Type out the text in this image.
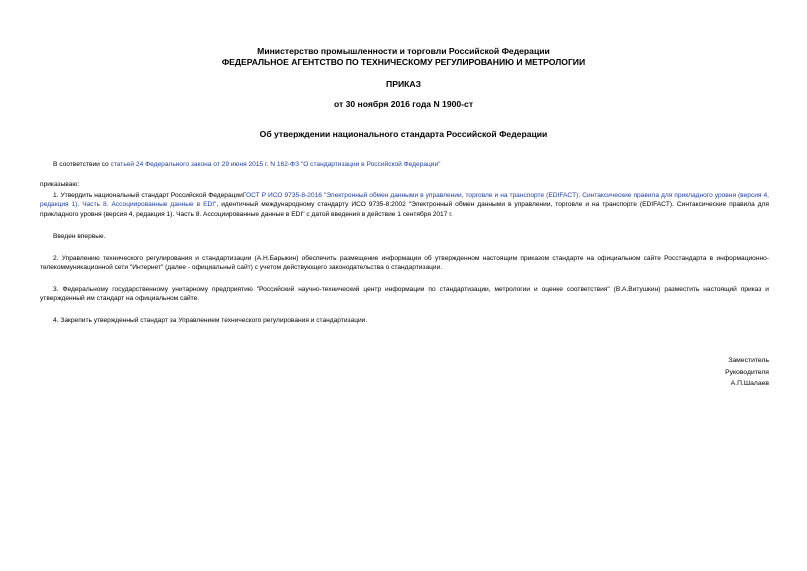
Министерство промышленности и торговли Российской Федерации
ФЕДЕРАЛЬНОЕ АГЕНТСТВО ПО ТЕХНИЧЕСКОМУ РЕГУЛИРОВАНИЮ И МЕТРОЛОГИИ
ПРИКАЗ
от 30 ноября 2016 года N 1900-ст
Об утверждении национального стандарта Российской Федерации
В соответствии со статьей 24 Федерального закона от 29 июня 2015 г. N 162-ФЗ "О стандартизации в Российской Федерации"
приказываю:
1. Утвердить национальный стандарт Российской ФедерацииГОСТ Р ИСО 9735-8-2016 "Электронный обмен данными в управлении, торговле и на транспорте (EDIFACT). Синтаксические правила для прикладного уровня (версия 4, редакция 1). Часть 8. Ассоциированные данные в EDI", идентичный международному стандарту ИСО 9735-8:2002 "Электронный обмен данными в управлении, торговле и на транспорте (EDIFACT). Синтаксические правила для прикладного уровня (версия 4, редакция 1). Часть 8. Ассоциированные данные в EDI" с датой введения в действие 1 сентября 2017 г.
Введен впервые.
2. Управлению технического регулирования и стандартизации (А.Н.Барыкин) обеспечить размещение информации об утвержденном настоящим приказом стандарте на официальном сайте Росстандарта в информационно-телекоммуникационной сети "Интернет" (далее - официальный сайт) с учетом действующего законодательства о стандартизации.
3. Федеральному государственному унитарному предприятию "Российский научно-технический центр информации по стандартизации, метрологии и оценке соответствия" (В.А.Витушкин) разместить настоящий приказ и утвержденный им стандарт на официальном сайте.
4. Закрепить утвержденный стандарт за Управлением технического регулирования и стандартизации.
Заместитель
Руководителя
А.П.Шалаев
